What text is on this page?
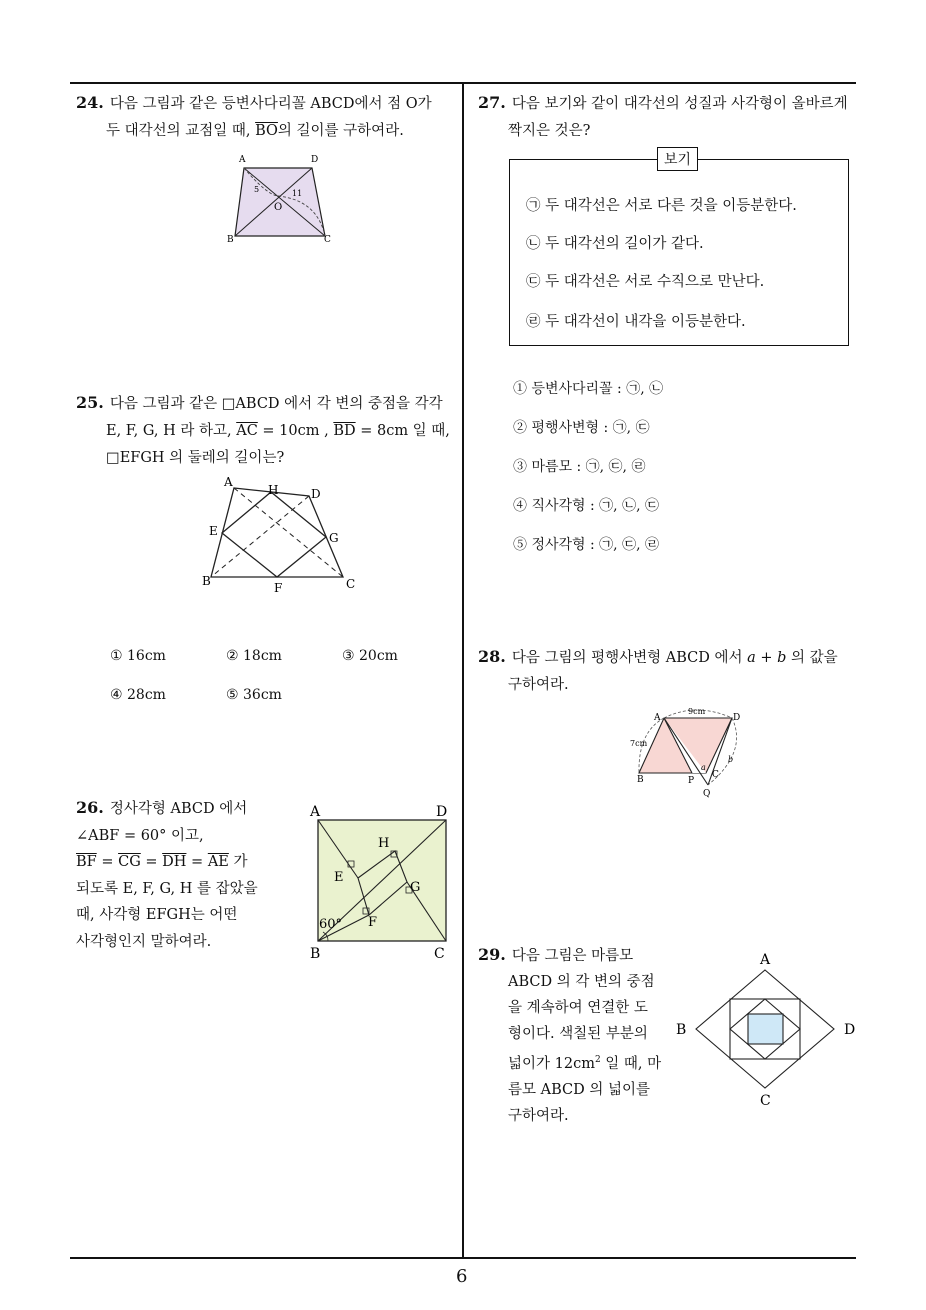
6
24. 다음 그림과 같은 등변사다리꼴 ABCD에서 점 O가
두 대각선의 교점일 때, $\overline{BO}$의 길이를 구하여라.
A	D
B	C
O
5	11
25. 다음 그림과 같은 □ABCD 에서 각 변의 중점을 각각
E, F, G, H 라 하고, $\overline{AC} = 10cm$ , $\overline{BD} = 8cm$ 일 때,
□EFGH 의 둘레의 길이는?
A
H	D
E	G
B	F	C
① 16cm	② 18cm	③ 20cm
④ 28cm	⑤ 36cm
26. 정사각형 ABCD 에서
∠ABF = 60° 이고,
$\overline{BF} = \overline{CG} = \overline{DH} = \overline{AE}$ 가
되도록 E, F, G, H 를 잡았을
때, 사각형 EFGH는 어떤
사각형인지 말하여라.
A	D
B	C
H
E
G
F
60°
27. 다음 보기와 같이 대각선의 성질과 사각형이 올바르게
짝지은 것은?
보기
㉠ 두 대각선은 서로 다른 것을 이등분한다.
㉡ 두 대각선의 길이가 같다.
㉢ 두 대각선은 서로 수직으로 만난다.
㉣ 두 대각선이 내각을 이등분한다.
① 등변사다리꼴 : ㉠, ㉡
② 평행사변형 : ㉠, ㉢
③ 마름모 : ㉠, ㉢, ㉣
④ 직사각형 : ㉠, ㉡, ㉢
⑤ 정사각형 : ㉠, ㉢, ㉣
28. 다음 그림의 평행사변형 ABCD 에서 a + b 의 값을
구하여라.
A	D
B	C
P
Q
9cm
7cm
a
b
29. 다음 그림은 마름모
ABCD 의 각 변의 중점
을 계속하여 연결한 도
형이다. 색칠된 부분의
넓이가 $12cm^2$ 일 때, 마
름모 ABCD 의 넓이를
구하여라.
A
B
C
D
